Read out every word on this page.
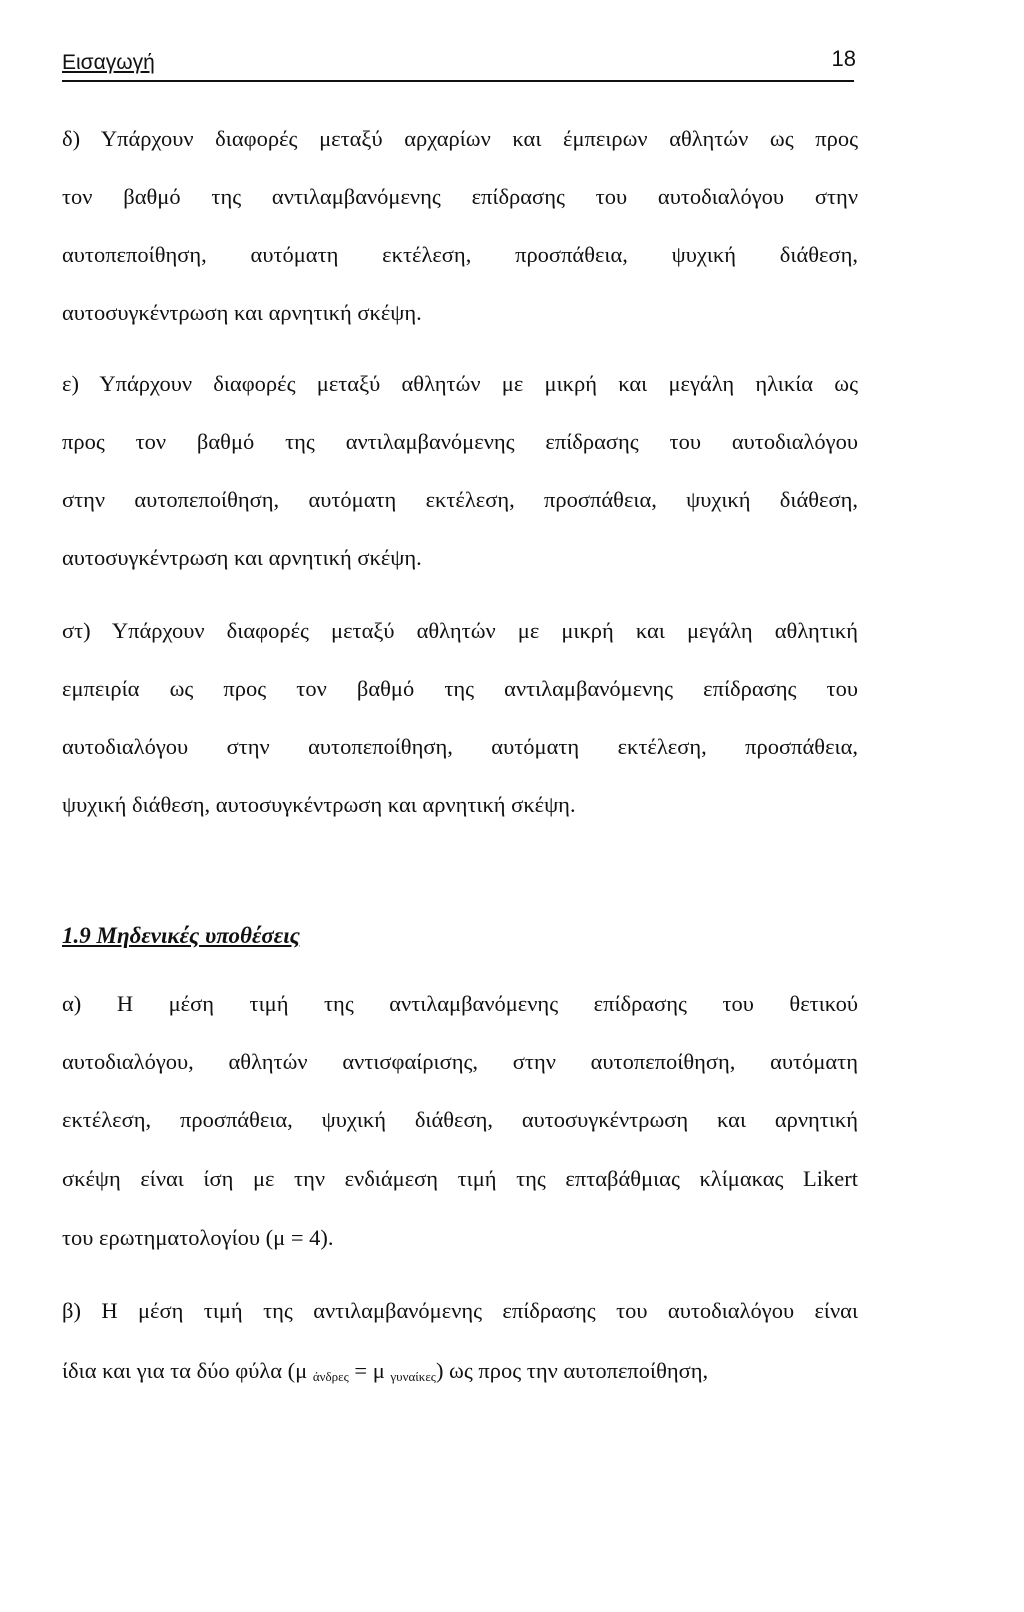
Εισαγωγή	18
δ) Υπάρχουν διαφορές μεταξύ αρχαρίων και έμπειρων αθλητών ως προς
τον βαθμό της αντιλαμβανόμενης επίδρασης του αυτοδιαλόγου στην
αυτοπεποίθηση, αυτόματη εκτέλεση, προσπάθεια, ψυχική διάθεση,
αυτοσυγκέντρωση και αρνητική σκέψη.
ε) Υπάρχουν διαφορές μεταξύ αθλητών με μικρή και μεγάλη ηλικία ως
προς τον βαθμό της αντιλαμβανόμενης επίδρασης του αυτοδιαλόγου
στην αυτοπεποίθηση, αυτόματη εκτέλεση, προσπάθεια, ψυχική διάθεση,
αυτοσυγκέντρωση και αρνητική σκέψη.
στ) Υπάρχουν διαφορές μεταξύ αθλητών με μικρή και μεγάλη αθλητική
εμπειρία ως προς τον βαθμό της αντιλαμβανόμενης επίδρασης του
αυτοδιαλόγου στην αυτοπεποίθηση, αυτόματη εκτέλεση, προσπάθεια,
ψυχική διάθεση, αυτοσυγκέντρωση και αρνητική σκέψη.
1.9 Μηδενικές υποθέσεις
α) Η μέση τιμή της αντιλαμβανόμενης επίδρασης του θετικού
αυτοδιαλόγου, αθλητών αντισφαίρισης, στην αυτοπεποίθηση, αυτόματη
εκτέλεση, προσπάθεια, ψυχική διάθεση, αυτοσυγκέντρωση και αρνητική
σκέψη είναι ίση με την ενδιάμεση τιμή της επταβάθμιας κλίμακας Likert
του ερωτηματολογίου (μ = 4).
β) Η μέση τιμή της αντιλαμβανόμενης επίδρασης του αυτοδιαλόγου είναι
ίδια και για τα δύο φύλα (μ $_{ά\nu\delta\rho\varepsilon\varsigma}$ = μ $_{\gamma\upsilon\nu\alpha ί\kappa\varepsilon\varsigma}$) ως προς την αυτοπεποίθηση,
